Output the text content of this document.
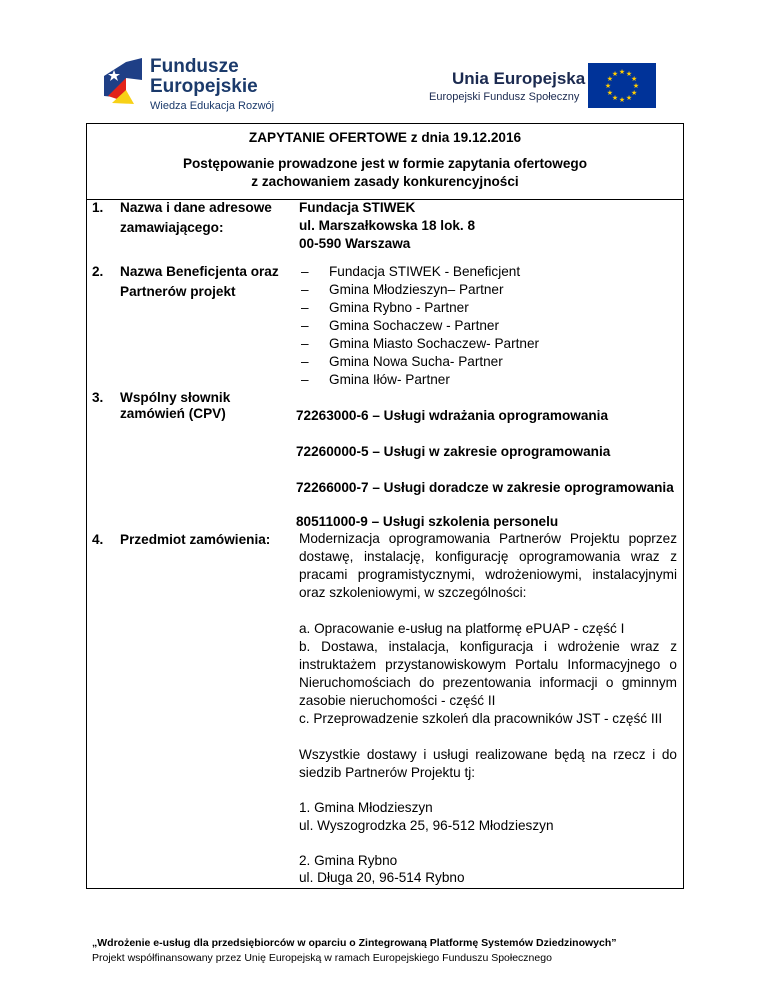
Fundusze
Europejskie
Wiedza Edukacja Rozwój
Unia Europejska
Europejski Fundusz Społeczny
★
★
★
★
★
★
★
★
★ ★ ★
★
ZAPYTANIE OFERTOWE z dnia 19.12.2016
Postępowanie prowadzone jest w formie zapytania ofertowego
z zachowaniem zasady konkurencyjności
1. Nazwa i dane adresowe
zamawiającego:
Fundacja STIWEK
ul. Marszałkowska 18 lok. 8
00-590 Warszawa
2. Nazwa Beneficjenta oraz
Partnerów projekt
– Fundacja STIWEK - Beneficjent
– Gmina Młodzieszyn– Partner
– Gmina Rybno - Partner
– Gmina Sochaczew - Partner
– Gmina Miasto Sochaczew- Partner
– Gmina Nowa Sucha- Partner
– Gmina Iłów- Partner
3. Wspólny słownik
zamówień (CPV)	72263000-6 – Usługi wdrażania oprogramowania
72260000-5 – Usługi w zakresie oprogramowania
72266000-7 – Usługi doradcze w zakresie oprogramowania
80511000-9 – Usługi szkolenia personelu
4. Przedmiot zamówienia: Modernizacja oprogramowania Partnerów Projektu poprzez dostawę, instalację, konfigurację oprogramowania wraz z pracami programistycznymi, wdrożeniowymi, instalacyjnymi oraz szkoleniowymi, w szczególności:
a. Opracowanie e-usług na platformę ePUAP - część I
b. Dostawa, instalacja, konfiguracja i wdrożenie wraz z instruktażem przystanowiskowym Portalu Informacyjnego o Nieruchomościach do prezentowania informacji o gminnym zasobie nieruchomości - część II
c. Przeprowadzenie szkoleń dla pracowników JST - część III
Wszystkie dostawy i usługi realizowane będą na rzecz i do siedzib Partnerów Projektu tj:
1. Gmina Młodzieszyn
ul. Wyszogrodzka 25, 96-512 Młodzieszyn
2. Gmina Rybno
ul. Długa 20, 96-514 Rybno
„Wdrożenie e-usług dla przedsiębiorców w oparciu o Zintegrowaną Platformę Systemów Dziedzinowych”
Projekt współfinansowany przez Unię Europejską w ramach Europejskiego Funduszu Społecznego
